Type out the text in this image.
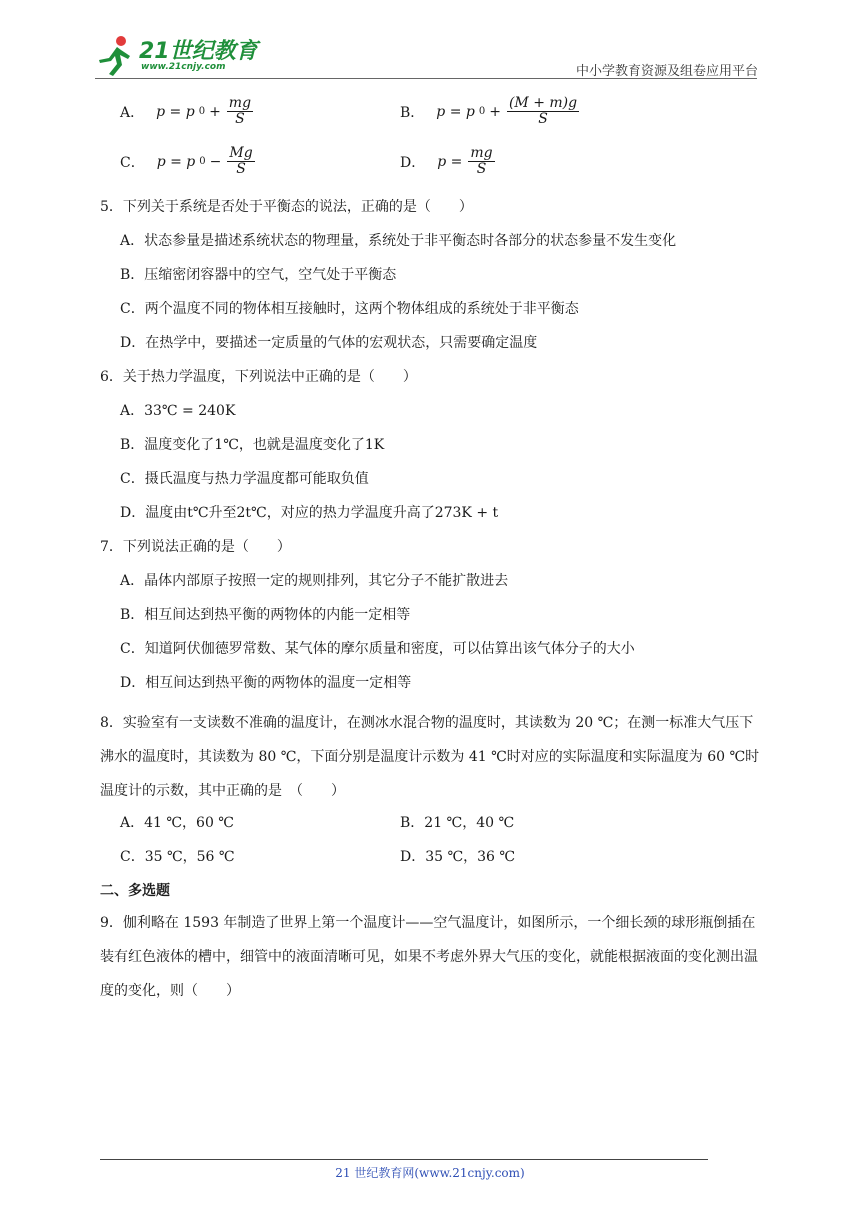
21世纪教育
www.21cnjy.com	中小学教育资源及组卷应用平台
A． p = p $0 + \frac{mg}{S}$	B． p = p $0 + \frac{(M + m)g}{S}$
C． p = p $0 - \frac{Mg}{S}$	D． $p = \frac{mg}{S}$

5．下列关于系统是否处于平衡态的说法，正确的是（　　）

A．状态参量是描述系统状态的物理量，系统处于非平衡态时各部分的状态参量不发生变化

B．压缩密闭容器中的空气，空气处于平衡态

C．两个温度不同的物体相互接触时，这两个物体组成的系统处于非平衡态

D．在热学中，要描述一定质量的气体的宏观状态，只需要确定温度

6．关于热力学温度，下列说法中正确的是（　　）

A．33℃ = 240K

B．温度变化了1℃，也就是温度变化了1K

C．摄氏温度与热力学温度都可能取负值

D．温度由t℃升至2t℃，对应的热力学温度升高了273K + t

7．下列说法正确的是（　　）

A．晶体内部原子按照一定的规则排列，其它分子不能扩散进去

B．相互间达到热平衡的两物体的内能一定相等

C．知道阿伏伽德罗常数、某气体的摩尔质量和密度，可以估算出该气体分子的大小

D．相互间达到热平衡的两物体的温度一定相等

8．实验室有一支读数不准确的温度计，在测冰水混合物的温度时，其读数为 20 ℃；在测一标准大气压下沸水的温度时，其读数为 80 ℃，下面分别是温度计示数为 41 ℃时对应的实际温度和实际温度为 60 ℃时温度计的示数，其中正确的是　（　　）

A．41 ℃，60 ℃	B．21 ℃，40 ℃
C．35 ℃，56 ℃	D．35 ℃，36 ℃
二、多选题

9．伽利略在 1593 年制造了世界上第一个温度计——空气温度计，如图所示，一个细长颈的球形瓶倒插在装有红色液体的槽中，细管中的液面清晰可见，如果不考虑外界大气压的变化，就能根据液面的变化测出温度的变化，则（　　）

21 世纪教育网(www.21cnjy.com)
